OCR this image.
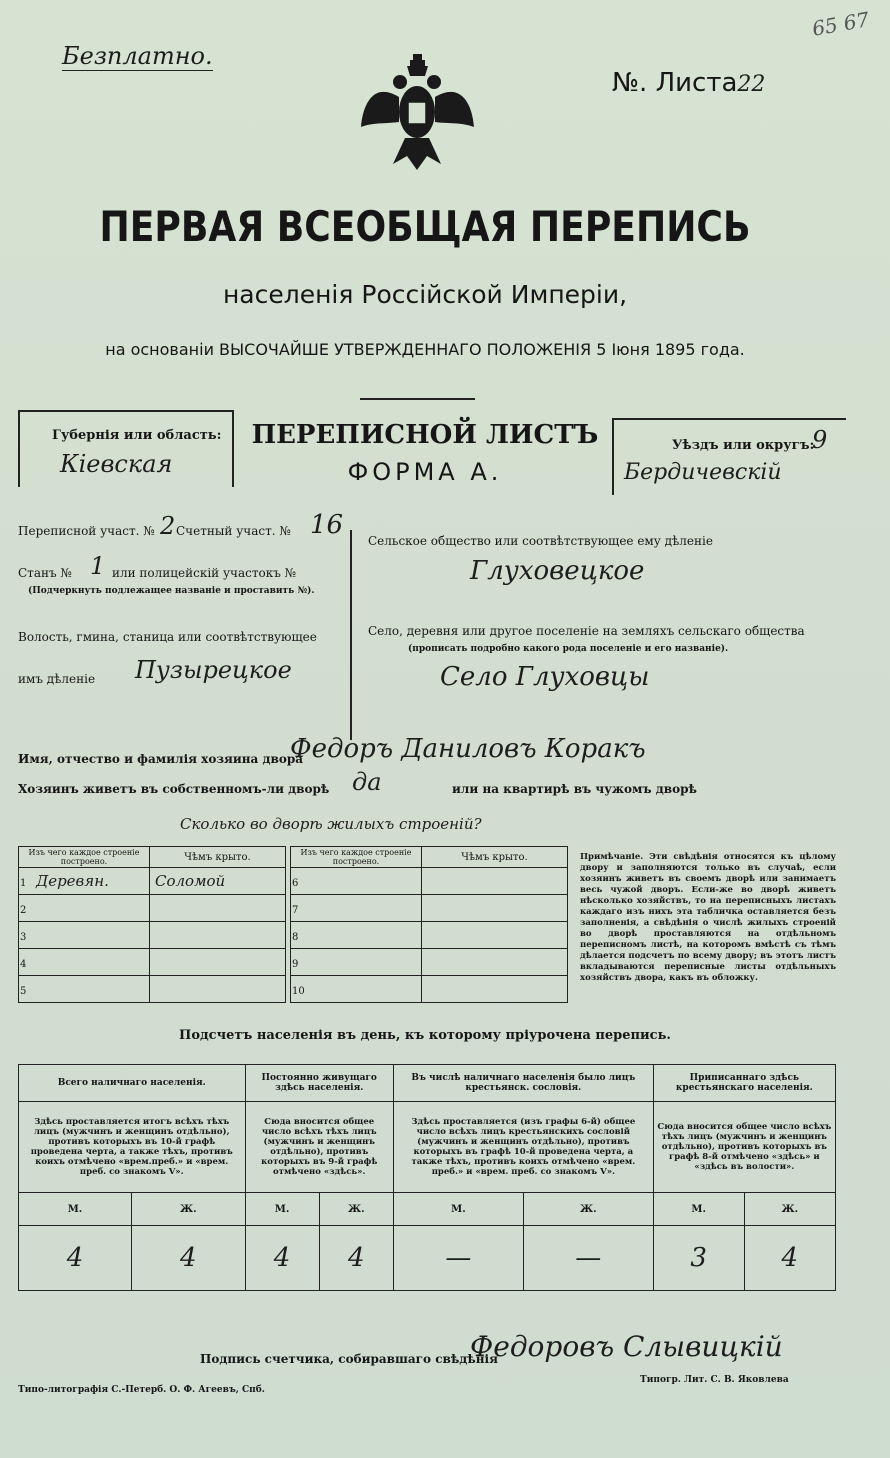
Безплатно.
№. Листа22
65 67
ПЕРВАЯ ВСЕОБЩАЯ ПЕРЕПИСЬ
населенія Россійской Имперіи,
на основаніи ВЫСОЧАЙШЕ УТВЕРЖДЕННАГО ПОЛОЖЕНІЯ 5 Іюня 1895 года.
Губернія или область:
Кіевская
ПЕРЕПИСНОЙ ЛИСТЪ
ФОРМА А.
Уѣздъ или округъ:
9
Бердичевскій
Переписной участ. № 2 Счетный участ. № 16
Станъ № 1 или полицейскій участокъ №
(Подчеркнуть подлежащее названіе и проставить №).
Волость, гмина, станица или соотвѣтствующее
имъ дѣленіе Пузырецкое
Сельское общество или соотвѣтствующее ему дѣленіе
Глуховецкое
Село, деревня или другое поселеніе на земляхъ сельскаго общества
(прописать подробно какого рода поселеніе и его названіе).
Село Глуховцы
Имя, отчество и фамилія хозяина двора
Федоръ Даниловъ Коракъ
Хозяинъ живетъ въ собственномъ-ли дворѣ да	или на квартирѣ въ чужомъ дворѣ
Сколько во дворѣ жилыхъ строеній?
Изъ чего каждое строеніе построено.	Чѣмъ крыто.
1 Деревян.	Соломой
2	
3	
4	
5	
Изъ чего каждое строеніе построено.	Чѣмъ крыто.
6	
7	
8	
9	
10	
Примѣчаніе. Эти свѣдѣнія относятся къ цѣлому двору и заполняются только въ случаѣ, если хозяинъ живетъ въ своемъ дворѣ или занимаетъ весь чужой дворъ. Если-же во дворѣ живетъ нѣсколько хозяйствъ, то на переписныхъ листахъ каждаго изъ нихъ эта табличка оставляется безъ заполненія, а свѣдѣнія о числѣ жилыхъ строеній во дворѣ проставляются на отдѣльномъ переписномъ листѣ, на которомъ вмѣстѣ съ тѣмъ дѣлается подсчетъ по всему двору; въ этотъ листъ вкладываются переписные листы отдѣльныхъ хозяйствъ двора, какъ въ обложку.
Подсчетъ населенія въ день, къ которому пріурочена перепись.
Всего наличнаго населенія.		Постоянно живущаго здѣсь населенія.		Въ числѣ наличнаго населенія было лицъ крестьянск. сословія.		Приписаннаго здѣсь крестьянскаго населенія.	
Здѣсь проставляется итогъ всѣхъ тѣхъ лицъ (мужчинъ и женщинъ отдѣльно), противъ которыхъ въ 10-й графѣ проведена черта, а также тѣхъ, противъ коихъ отмѣчено «врем.преб.» и «врем. преб. со знакомъ V».		Сюда вносится общее число всѣхъ тѣхъ лицъ (мужчинъ и женщинъ отдѣльно), противъ которыхъ въ 9-й графѣ отмѣчено «здѣсь».		Здѣсь проставляется (изъ графы 6-й) общее число всѣхъ лицъ крестьянскихъ сословій (мужчинъ и женщинъ отдѣльно), противъ которыхъ въ графѣ 10-й проведена черта, а также тѣхъ, противъ коихъ отмѣчено «врем. преб.» и «врем. преб. со знакомъ V».		Сюда вносится общее число всѣхъ тѣхъ лицъ (мужчинъ и женщинъ отдѣльно), противъ которыхъ въ графѣ 8-й отмѣчено «здѣсь» и «здѣсь въ волости».	
М.	Ж.	М.	Ж.	М.	Ж.	М.	Ж.
4	4	4	4	—	—	3	4
Подпись счетчика, собиравшаго свѣдѣнія
Федоровъ Слывицкій
Типо-литографія С.-Петерб. О. Ф. Агеевъ, Спб.
Типогр. Лит. С. В. Яковлева
